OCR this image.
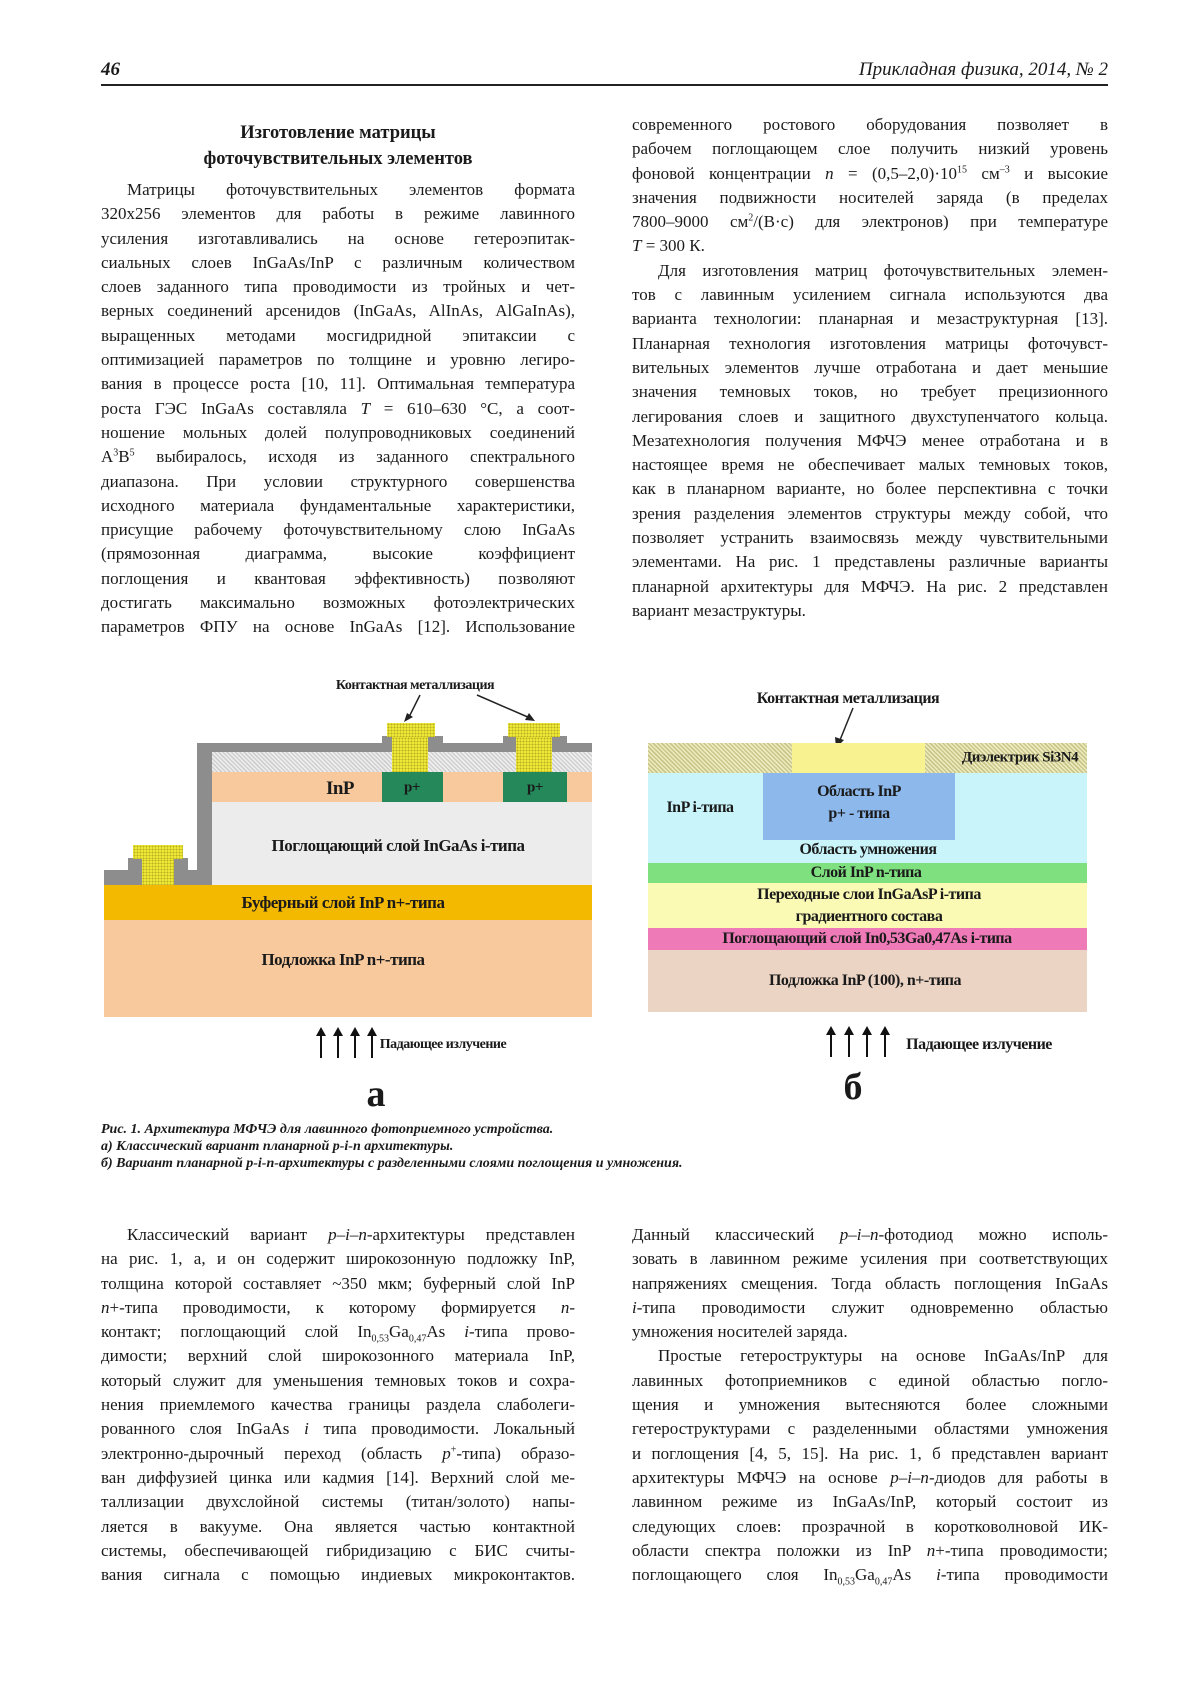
46	Прикладная физика, 2014, № 2
Изготовление матрицы
фоточувствительных элементов
Матрицы фоточувствительных элементов формата
320x256 элементов для работы в режиме лавинного
усиления изготавливались на основе гетероэпитак-
сиальных слоев InGaAs/InP с различным количеством
слоев заданного типа проводимости из тройных и чет-
верных соединений арсенидов (InGaAs, AlInAs, AlGaInAs),
выращенных методами мосгидридной эпитаксии с
оптимизацией параметров по толщине и уровню легиро-
вания в процессе роста [10, 11]. Оптимальная температура
роста ГЭС InGaAs составляла T = 610–630 °C, а соот-
ношение мольных долей полупроводниковых соединений
$A^3B^5$ выбиралось, исходя из заданного спектрального
диапазона. При условии структурного совершенства
исходного материала фундаментальные характеристики,
присущие рабочему фоточувствительному слою InGaAs
(прямозонная диаграмма, высокие коэффициент
поглощения и квантовая эффективность) позволяют
достигать максимально возможных фотоэлектрических
параметров ФПУ на основе InGaAs [12]. Использование
современного ростового оборудования позволяет в
рабочем поглощающем слое получить низкий уровень
фоновой концентрации $n = (0,5-2,0)\cdot 10^{15}$ $см^{-3}$ и высокие
значения подвижности носителей заряда (в пределах
7800–9000 $см^2/(В\cdot с)$ для электронов) при температуре
T = 300 К.
Для изготовления матриц фоточувствительных элемен-
тов с лавинным усилением сигнала используются два
варианта технологии: планарная и мезаструктурная [13].
Планарная технология изготовления матрицы фоточувст-
вительных элементов лучше отработана и дает меньшие
значения темновых токов, но требует прецизионного
легирования слоев и защитного двухступенчатого кольца.
Мезатехнология получения МФЧЭ менее отработана и в
настоящее время не обеспечивает малых темновых токов,
как в планарном варианте, но более перспективна с точки
зрения разделения элементов структуры между собой, что
позволяет устранить взаимосвязь между чувствительными
элементами. На рис. 1 представлены различные варианты
планарной архитектуры для МФЧЭ. На рис. 2 представлен
вариант мезаструктуры.
Контактная металлизация
p+	p+
InP
Поглощающий слой InGaAs i-типа
Буферный слой InP n+-типа
Подложка InP n+-типа
Падающее излучение
а
Контактная металлизация
Диэлектрик Si3N4
Область InP
p+ - типа
InP i-типа
Область умножения
Слой InP n-типа
Переходные слои InGaAsP i-типа
градиентного состава
Поглощающий слой In0,53Ga0,47As i-типа
Подложка InP (100), n+-типа
Падающее излучение
б
Рис. 1. Архитектура МФЧЭ для лавинного фотоприемного устройства.
а) Классический вариант планарной p-i-n архитектуры.
б) Вариант планарной p-i-n-архитектуры с разделенными слоями поглощения и умножения.
Классический вариант p–i–n-архитектуры представлен
на рис. 1, а, и он содержит широкозонную подложку InP,
толщина которой составляет ~350 мкм; буферный слой InP
n+-типа проводимости, к которому формируется n-
контакт; поглощающий слой $In_{0,53}Ga_{0,47}As$ i-типа прово-
димости; верхний слой широкозонного материала InP,
который служит для уменьшения темновых токов и сохра-
нения приемлемого качества границы раздела слаболеги-
рованного слоя InGaAs i типа проводимости. Локальный
электронно-дырочный переход (область p+-типа) образо-
ван диффузией цинка или кадмия [14]. Верхний слой ме-
таллизации двухслойной системы (титан/золото) напы-
ляется в вакууме. Она является частью контактной
системы, обеспечивающей гибридизацию с БИС считы-
вания сигнала с помощью индиевых микроконтактов.
Данный классический p–i–n-фотодиод можно исполь-
зовать в лавинном режиме усиления при соответствующих
напряжениях смещения. Тогда область поглощения InGaAs
i-типа проводимости служит одновременно областью
умножения носителей заряда.
Простые гетероструктуры на основе InGaAs/InP для
лавинных фотоприемников с единой областью погло-
щения и умножения вытесняются более сложными
гетероструктурами с разделенными областями умножения
и поглощения [4, 5, 15]. На рис. 1, б представлен вариант
архитектуры МФЧЭ на основе p–i–n-диодов для работы в
лавинном режиме из InGaAs/InP, который состоит из
следующих слоев: прозрачной в коротковолновой ИК-
области спектра положки из InP n+-типа проводимости;
поглощающего слоя $In_{0,53}Ga_{0,47}As$ i-типа проводимости
